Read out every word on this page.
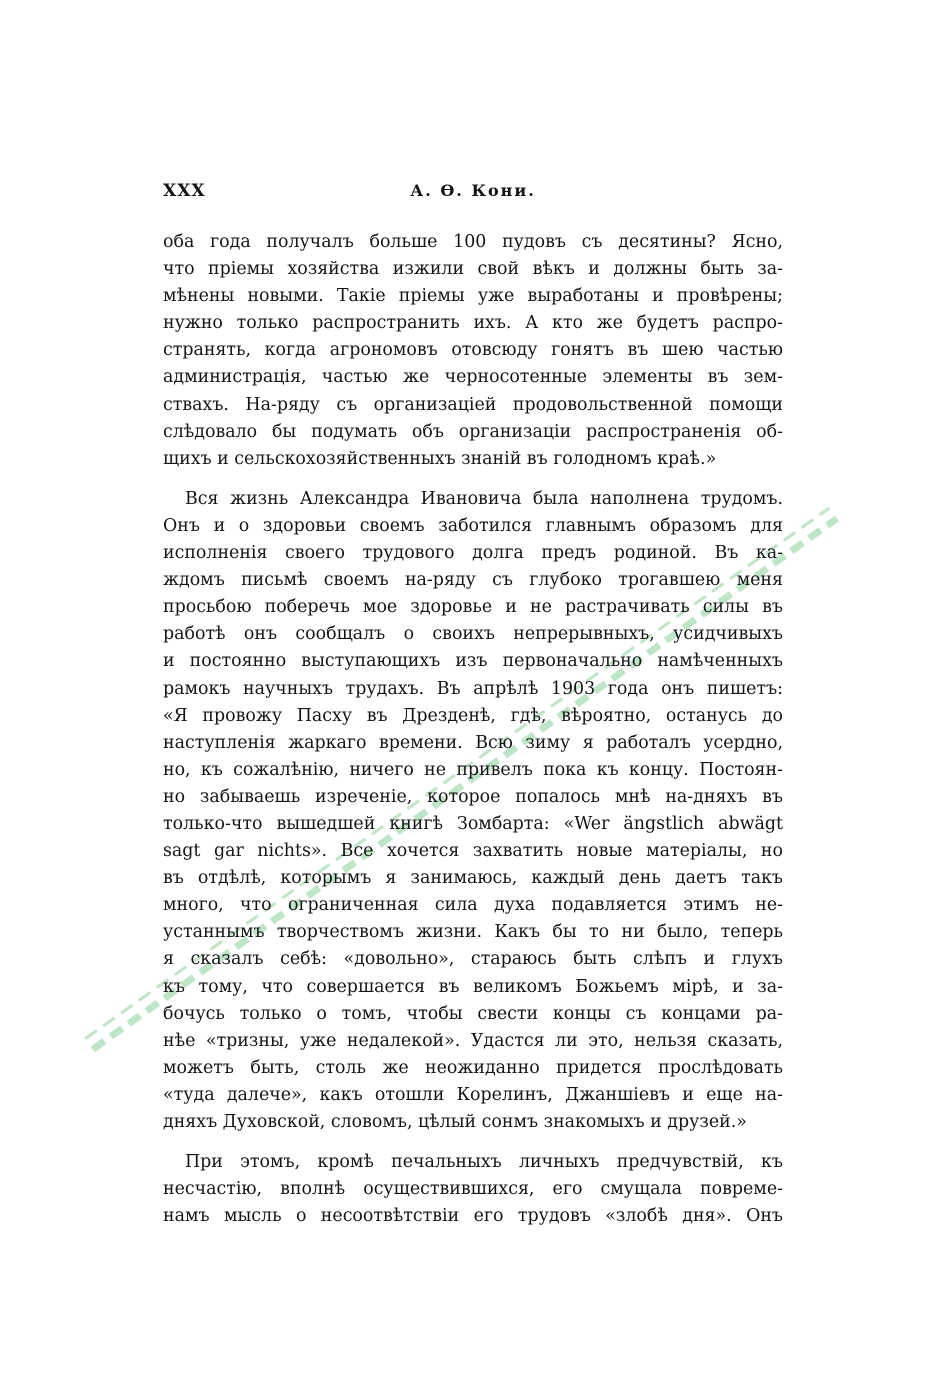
XXX	А. Ѳ. Кони.

оба года получалъ больше 100 пудовъ съ десятины? Ясно,
что пріемы хозяйства изжили свой вѣкъ и должны быть за-
мѣнены новыми. Такіе пріемы уже выработаны и провѣрены;
нужно только распространить ихъ. А кто же будетъ распро-
странять, когда агрономовъ отовсюду гонятъ въ шею частью
администрація, частью же черносотенные элементы въ зем-
ствахъ. На-ряду съ организаціей продовольственной помощи
слѣдовало бы подумать объ организаціи распространенія об-
щихъ и сельскохозяйственныхъ знаній въ голодномъ краѣ.»

Вся жизнь Александра Ивановича была наполнена трудомъ.
Онъ и о здоровьи своемъ заботился главнымъ образомъ для
исполненія своего трудового долга предъ родиной. Въ ка-
ждомъ письмѣ своемъ на-ряду съ глубоко трогавшею меня
просьбою поберечь мое здоровье и не растрачивать силы въ
работѣ онъ сообщалъ о своихъ непрерывныхъ, усидчивыхъ
и постоянно выступающихъ изъ первоначально намѣченныхъ
рамокъ научныхъ трудахъ. Въ апрѣлѣ 1903 года онъ пишетъ:
«Я провожу Пасху въ Дрезденѣ, гдѣ, вѣроятно, останусь до
наступленія жаркаго времени. Всю зиму я работалъ усердно,
но, къ сожалѣнію, ничего не привелъ пока къ концу. Постоян-
но забываешь изреченіе, которое попалось мнѣ на-дняхъ въ
только-что вышедшей книгѣ Зомбарта: «Wer ängstlich abwägt
sagt gar nichts». Все хочется захватить новые матеріалы, но
въ отдѣлѣ, которымъ я занимаюсь, каждый день даетъ такъ
много, что ограниченная сила духа подавляется этимъ не-
устаннымъ творчествомъ жизни. Какъ бы то ни было, теперь
я сказалъ себѣ: «довольно», стараюсь быть слѣпъ и глухъ
къ тому, что совершается въ великомъ Божьемъ мірѣ, и за-
бочусь только о томъ, чтобы свести концы съ концами ра-
нѣе «тризны, уже недалекой». Удастся ли это, нельзя сказать,
можетъ быть, столь же неожиданно придется прослѣдовать
«туда далече», какъ отошли Корелинъ, Джаншіевъ и еще на-
дняхъ Духовской, словомъ, цѣлый сонмъ знакомыхъ и друзей.»

При этомъ, кромѣ печальныхъ личныхъ предчувствій, къ
несчастію, вполнѣ осуществившихся, его смущала повреме-
намъ мысль о несоотвѣтствіи его трудовъ «злобѣ дня». Онъ
